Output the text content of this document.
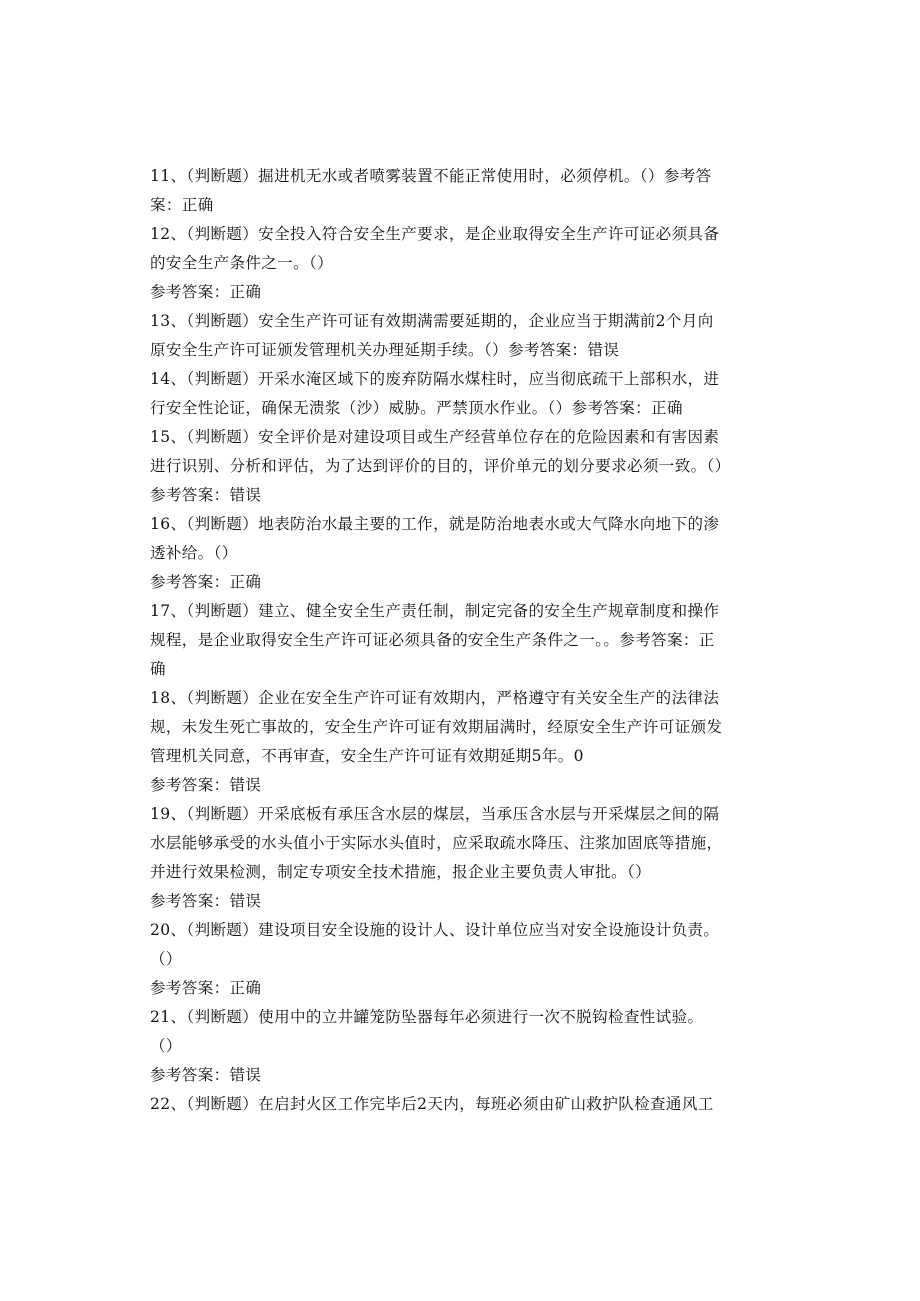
11、（判断题）掘进机无水或者喷雾装置不能正常使用时，必须停机。（）参考答
案：正确
12、（判断题）安全投入符合安全生产要求，是企业取得安全生产许可证必须具备
的安全生产条件之一。（）
参考答案：正确
13、（判断题）安全生产许可证有效期满需要延期的，企业应当于期满前2个月向
原安全生产许可证颁发管理机关办理延期手续。（）参考答案：错误
14、（判断题）开采水淹区域下的废弃防隔水煤柱时，应当彻底疏干上部积水，进
行安全性论证，确保无溃浆（沙）威胁。严禁顶水作业。（）参考答案：正确
15、（判断题）安全评价是对建设项目或生产经营单位存在的危险因素和有害因素
进行识别、分析和评估，为了达到评价的目的，评价单元的划分要求必须一致。（）
参考答案：错误
16、（判断题）地表防治水最主要的工作，就是防治地表水或大气降水向地下的渗
透补给。（）
参考答案：正确
17、（判断题）建立、健全安全生产责任制，制定完备的安全生产规章制度和操作
规程，是企业取得安全生产许可证必须具备的安全生产条件之一。。参考答案：正
确
18、（判断题）企业在安全生产许可证有效期内，严格遵守有关安全生产的法律法
规，未发生死亡事故的，安全生产许可证有效期届满时，经原安全生产许可证颁发
管理机关同意，不再审查，安全生产许可证有效期延期5年。0
参考答案：错误
19、（判断题）开采底板有承压含水层的煤层，当承压含水层与开采煤层之间的隔
水层能够承受的水头值小于实际水头值时，应采取疏水降压、注浆加固底等措施，
并进行效果检测，制定专项安全技术措施，报企业主要负责人审批。（）
参考答案：错误
20、（判断题）建设项目安全设施的设计人、设计单位应当对安全设施设计负责。
（）
参考答案：正确
21、（判断题）使用中的立井罐笼防坠器每年必须进行一次不脱钩检查性试验。
（）
参考答案：错误
22、（判断题）在启封火区工作完毕后2天内，每班必须由矿山救护队检查通风工
